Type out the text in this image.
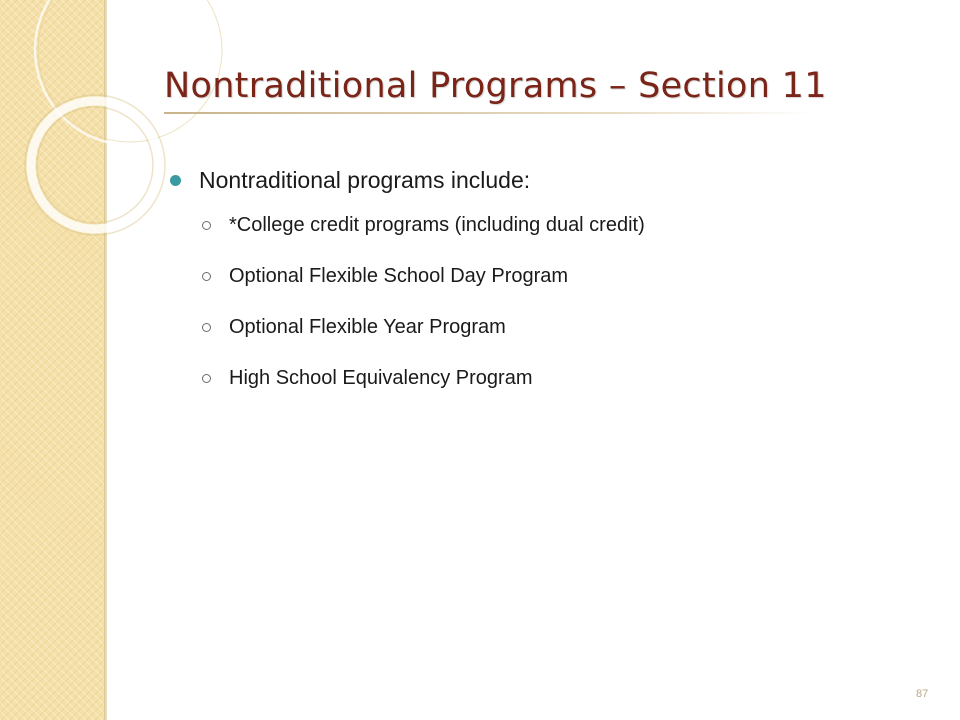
Nontraditional Programs – Section 11
Nontraditional programs include:
*College credit programs (including dual credit)
Optional Flexible School Day Program
Optional Flexible Year Program
High School Equivalency Program
87
